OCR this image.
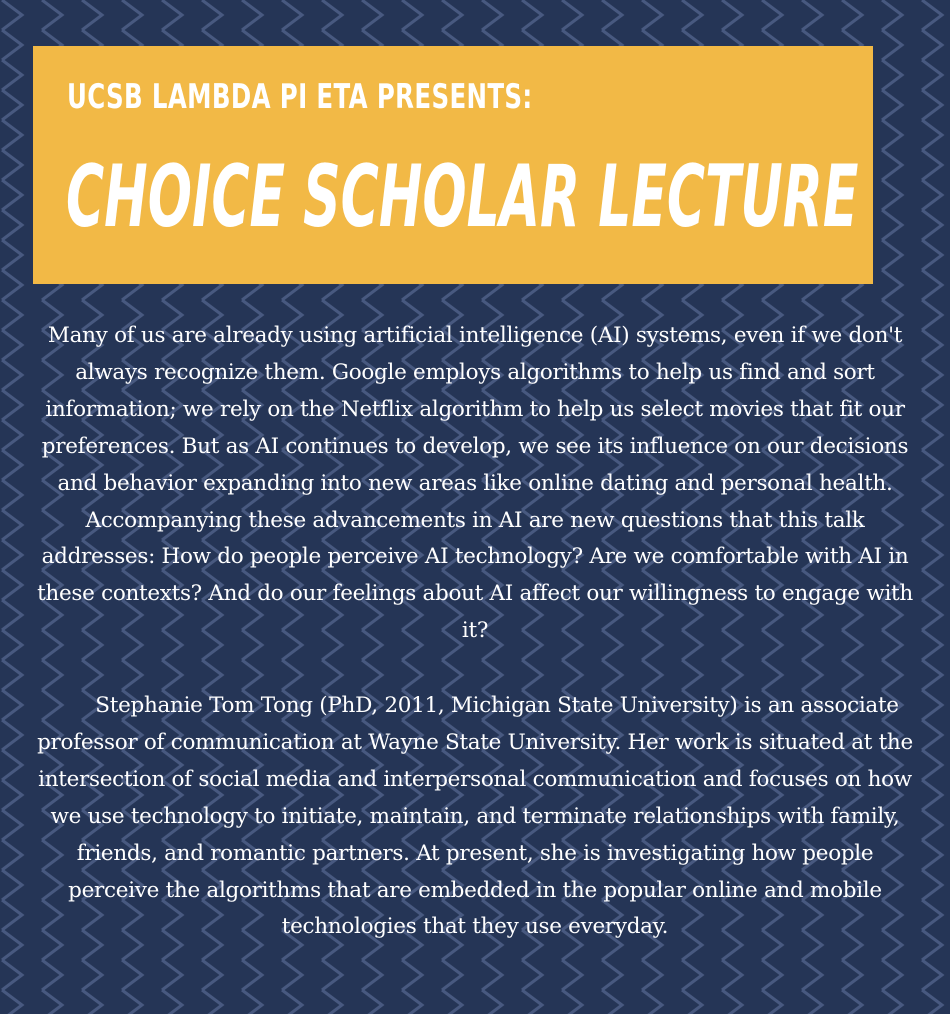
UCSB LAMBDA PI ETA PRESENTS:

CHOICE SCHOLAR LECTURE

Many of us are already using artificial intelligence (AI) systems, even if we don't always recognize them. Google employs algorithms to help us find and sort information; we rely on the Netflix algorithm to help us select movies that fit our preferences. But as AI continues to develop, we see its influence on our decisions and behavior expanding into new areas like online dating and personal health. Accompanying these advancements in AI are new questions that this talk addresses: How do people perceive AI technology? Are we comfortable with AI in these contexts? And do our feelings about AI affect our willingness to engage with it?

Stephanie Tom Tong (PhD, 2011, Michigan State University) is an associate professor of communication at Wayne State University. Her work is situated at the intersection of social media and interpersonal communication and focuses on how we use technology to initiate, maintain, and terminate relationships with family, friends, and romantic partners. At present, she is investigating how people perceive the algorithms that are embedded in the popular online and mobile technologies that they use everyday.
